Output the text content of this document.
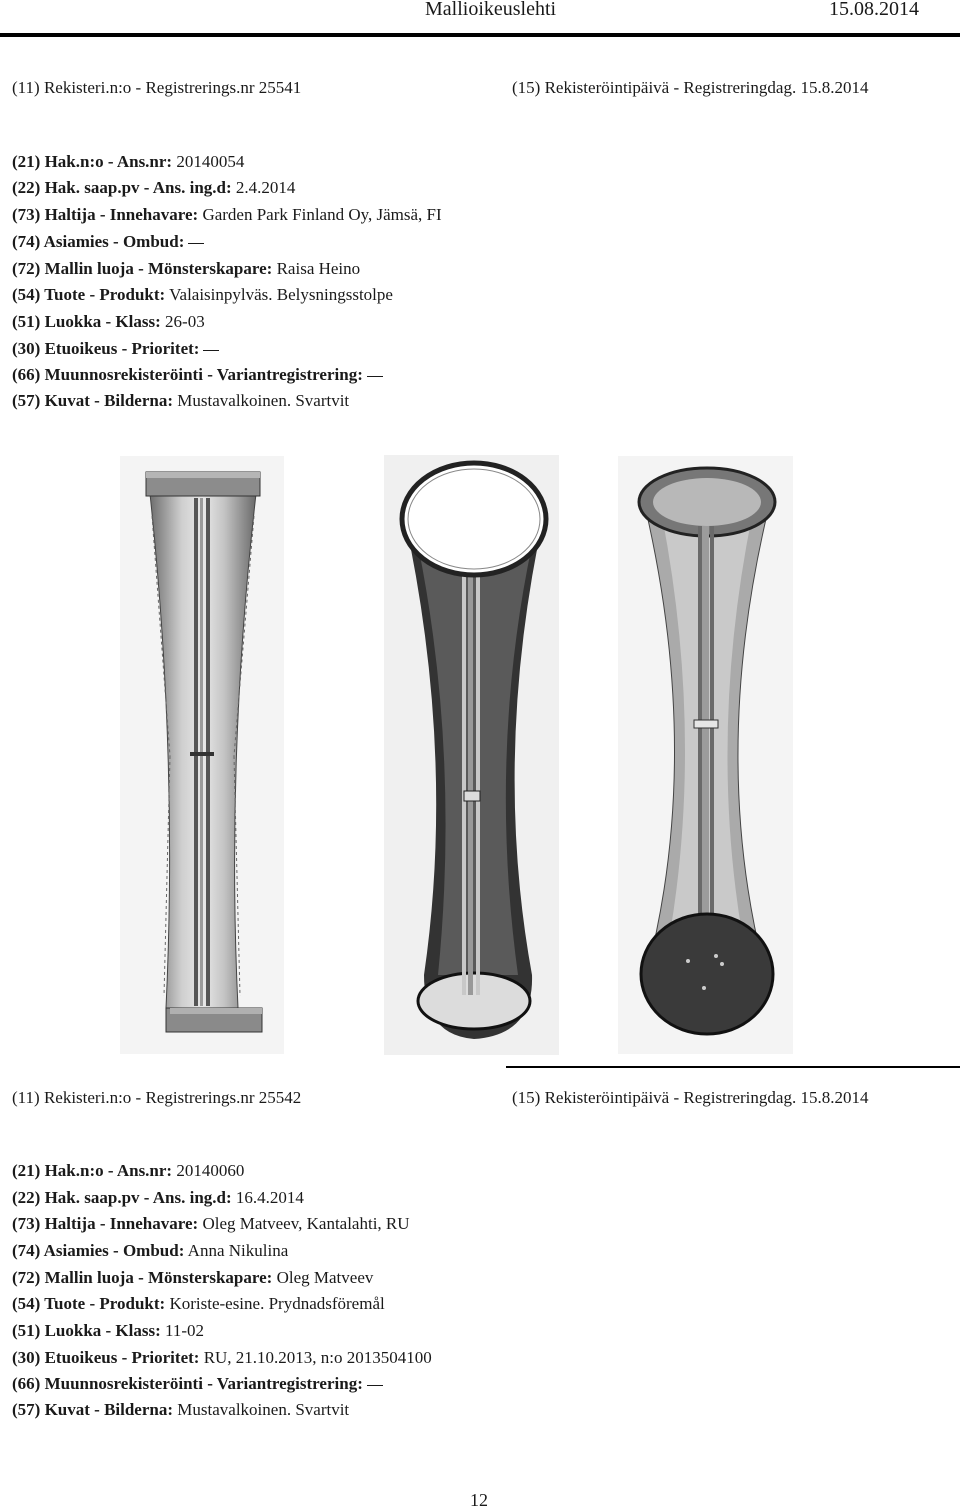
Mallioikeuslehti	15.08.2014
(11) Rekisteri.n:o - Registrerings.nr 25541	(15) Rekisteröintipäivä - Registreringdag. 15.8.2014
(21) Hak.n:o - Ans.nr: 20140054
(22) Hak. saap.pv - Ans. ing.d: 2.4.2014
(73) Haltija - Innehavare: Garden Park Finland Oy, Jämsä, FI
(74) Asiamies - Ombud:
(72) Mallin luoja - Mönsterskapare: Raisa Heino
(54) Tuote - Produkt: Valaisinpylväs. Belysningsstolpe
(51) Luokka - Klass: 26-03
(30) Etuoikeus - Prioritet:
(66) Muunnosrekisteröinti - Variantregistrering:
(57) Kuvat - Bilderna: Mustavalkoinen. Svartvit
(11) Rekisteri.n:o - Registrerings.nr 25542	(15) Rekisteröintipäivä - Registreringdag. 15.8.2014
(21) Hak.n:o - Ans.nr: 20140060
(22) Hak. saap.pv - Ans. ing.d: 16.4.2014
(73) Haltija - Innehavare: Oleg Matveev, Kantalahti, RU
(74) Asiamies - Ombud: Anna Nikulina
(72) Mallin luoja - Mönsterskapare: Oleg Matveev
(54) Tuote - Produkt: Koriste-esine. Prydnadsföremål
(51) Luokka - Klass: 11-02
(30) Etuoikeus - Prioritet: RU, 21.10.2013, n:o 2013504100
(66) Muunnosrekisteröinti - Variantregistrering:
(57) Kuvat - Bilderna: Mustavalkoinen. Svartvit
12
